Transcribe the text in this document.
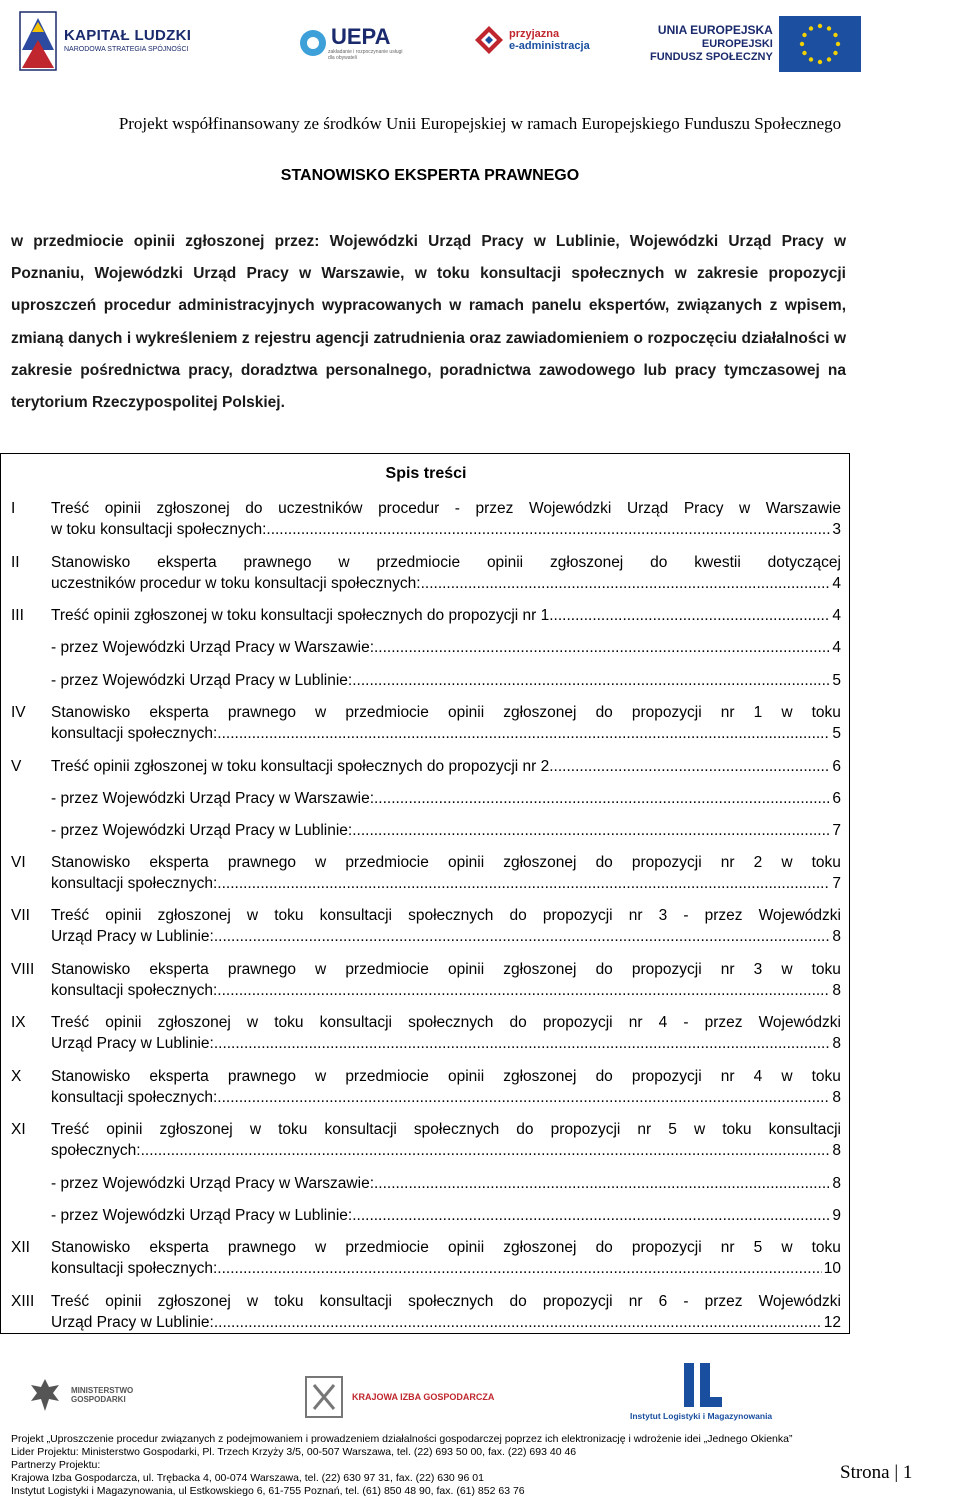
KAPITAŁ LUDZKI
NARODOWA STRATEGIA SPÓJNOŚCI
UEPA
zakładanie i rozpoczynanie usługi dla obywateli
przyjazna
e-administracja
UNIA EUROPEJSKA
EUROPEJSKI
FUNDUSZ SPOŁECZNY
Projekt współfinansowany ze środków Unii Europejskiej w ramach Europejskiego Funduszu Społecznego
STANOWISKO EKSPERTA PRAWNEGO
w przedmiocie opinii zgłoszonej przez: Wojewódzki Urząd Pracy w Lublinie, Wojewódzki Urząd Pracy w Poznaniu, Wojewódzki Urząd Pracy w Warszawie, w toku konsultacji społecznych w zakresie propozycji uproszczeń procedur administracyjnych wypracowanych w ramach panelu ekspertów, związanych z wpisem, zmianą danych i wykreśleniem z rejestru agencji zatrudnienia oraz zawiadomieniem o rozpoczęciu działalności w zakresie pośrednictwa pracy, doradztwa personalnego, poradnictwa zawodowego lub pracy tymczasowej na terytorium Rzeczypospolitej Polskiej.
Spis treści
I Treść opinii zgłoszonej do uczestników procedur - przez Wojewódzki Urząd Pracy w Warszawie
w toku konsultacji społecznych: .....	3
II Stanowisko eksperta prawnego w przedmiocie opinii zgłoszonej do kwestii dotyczącej
uczestników procedur w toku konsultacji społecznych: .....	4
III Treść opinii zgłoszonej w toku konsultacji społecznych do propozycji nr 1 .....	4
- przez Wojewódzki Urząd Pracy w Warszawie: .....	4
- przez Wojewódzki Urząd Pracy w Lublinie: .....	5
IV Stanowisko eksperta prawnego w przedmiocie opinii zgłoszonej do propozycji nr 1 w toku
konsultacji społecznych: .....	5
V Treść opinii zgłoszonej w toku konsultacji społecznych do propozycji nr 2 .....	6
- przez Wojewódzki Urząd Pracy w Warszawie: .....	6
- przez Wojewódzki Urząd Pracy w Lublinie: .....	7
VI Stanowisko eksperta prawnego w przedmiocie opinii zgłoszonej do propozycji nr 2 w toku
konsultacji społecznych: .....	7
VII Treść opinii zgłoszonej w toku konsultacji społecznych do propozycji nr 3 - przez Wojewódzki
Urząd Pracy w Lublinie: .....	8
VIII Stanowisko eksperta prawnego w przedmiocie opinii zgłoszonej do propozycji nr 3 w toku
konsultacji społecznych: .....	8
IX Treść opinii zgłoszonej w toku konsultacji społecznych do propozycji nr 4 - przez Wojewódzki
Urząd Pracy w Lublinie: .....	8
X Stanowisko eksperta prawnego w przedmiocie opinii zgłoszonej do propozycji nr 4 w toku
konsultacji społecznych: .....	8
XI Treść opinii zgłoszonej w toku konsultacji społecznych do propozycji nr 5 w toku konsultacji
społecznych: .....	8
- przez Wojewódzki Urząd Pracy w Warszawie: .....	8
- przez Wojewódzki Urząd Pracy w Lublinie: .....	9
XII Stanowisko eksperta prawnego w przedmiocie opinii zgłoszonej do propozycji nr 5 w toku
konsultacji społecznych: .....	10
XIII Treść opinii zgłoszonej w toku konsultacji społecznych do propozycji nr 6 - przez Wojewódzki
Urząd Pracy w Lublinie: .....	12
MINISTERSTWO
GOSPODARKI	KRAJOWA IZBA GOSPODARCZA
Instytut Logistyki i Magazynowania
Projekt „Uproszczenie procedur związanych z podejmowaniem i prowadzeniem działalności gospodarczej poprzez ich elektronizację i wdrożenie idei „Jednego Okienka”
Lider Projektu: Ministerstwo Gospodarki, Pl. Trzech Krzyży 3/5, 00-507 Warszawa, tel. (22) 693 50 00, fax. (22) 693 40 46
Partnerzy Projektu:
Krajowa Izba Gospodarcza, ul. Trębacka 4, 00-074 Warszawa, tel. (22) 630 97 31, fax. (22) 630 96 01
Instytut Logistyki i Magazynowania, ul Estkowskiego 6, 61-755 Poznań, tel. (61) 850 48 90, fax. (61) 852 63 76
Strona | 1
